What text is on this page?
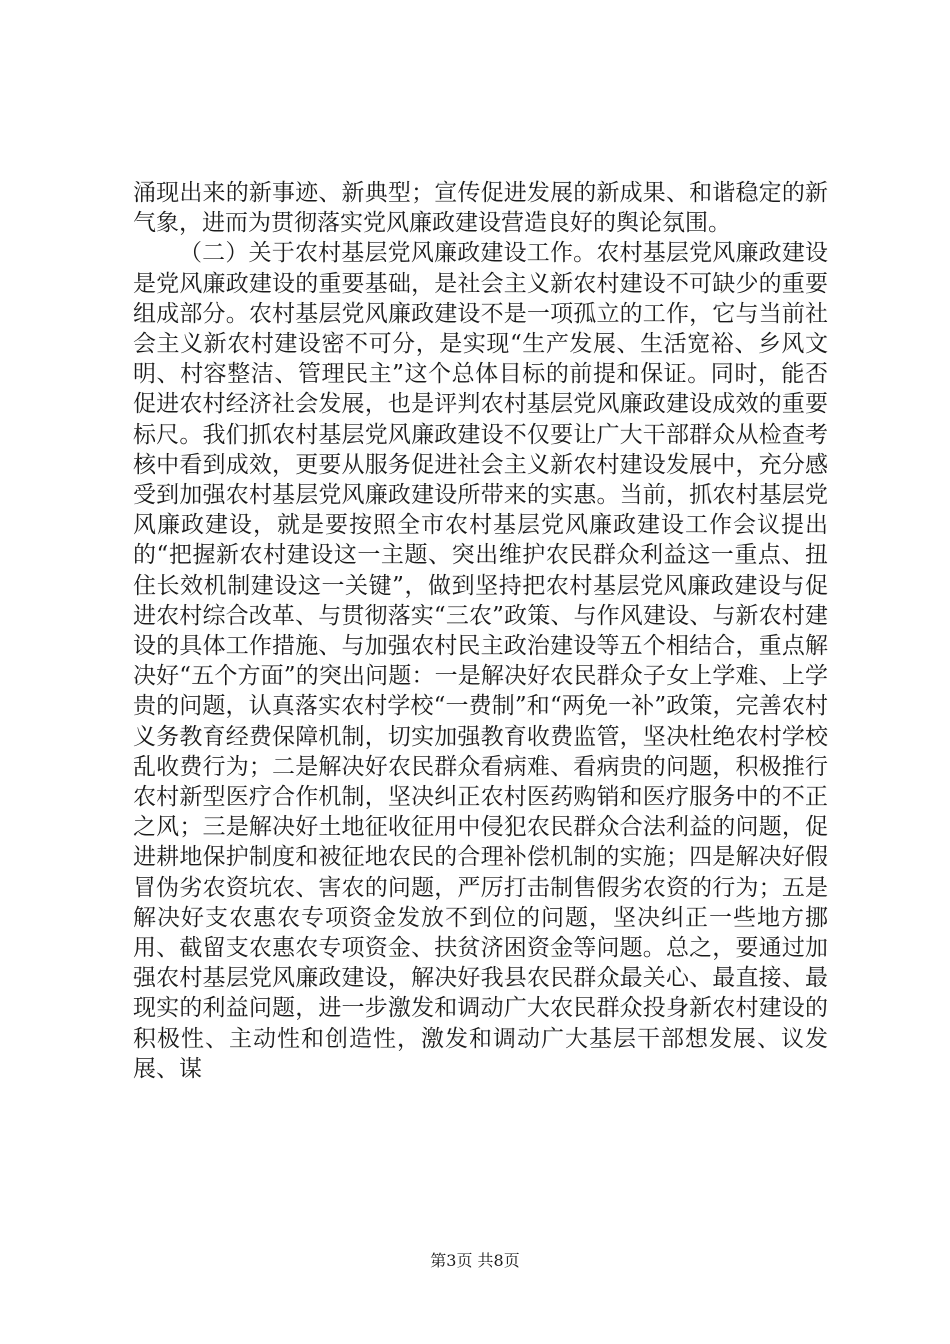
涌现出来的新事迹、新典型；宣传促进发展的新成果、和谐稳定的新气象，进而为贯彻落实党风廉政建设营造良好的舆论氛围。

（二）关于农村基层党风廉政建设工作。农村基层党风廉政建设是党风廉政建设的重要基础，是社会主义新农村建设不可缺少的重要组成部分。农村基层党风廉政建设不是一项孤立的工作，它与当前社会主义新农村建设密不可分，是实现“生产发展、生活宽裕、乡风文明、村容整洁、管理民主”这个总体目标的前提和保证。同时，能否促进农村经济社会发展，也是评判农村基层党风廉政建设成效的重要标尺。我们抓农村基层党风廉政建设不仅要让广大干部群众从检查考核中看到成效，更要从服务促进社会主义新农村建设发展中，充分感受到加强农村基层党风廉政建设所带来的实惠。当前，抓农村基层党风廉政建设，就是要按照全市农村基层党风廉政建设工作会议提出的“把握新农村建设这一主题、突出维护农民群众利益这一重点、扭住长效机制建设这一关键”，做到坚持把农村基层党风廉政建设与促进农村综合改革、与贯彻落实“三农”政策、与作风建设、与新农村建设的具体工作措施、与加强农村民主政治建设等五个相结合，重点解决好“五个方面”的突出问题：一是解决好农民群众子女上学难、上学贵的问题，认真落实农村学校“一费制”和“两免一补”政策，完善农村义务教育经费保障机制，切实加强教育收费监管，坚决杜绝农村学校乱收费行为；二是解决好农民群众看病难、看病贵的问题，积极推行农村新型医疗合作机制，坚决纠正农村医药购销和医疗服务中的不正之风；三是解决好土地征收征用中侵犯农民群众合法利益的问题，促进耕地保护制度和被征地农民的合理补偿机制的实施；四是解决好假冒伪劣农资坑农、害农的问题，严厉打击制售假劣农资的行为；五是解决好支农惠农专项资金发放不到位的问题，坚决纠正一些地方挪用、截留支农惠农专项资金、扶贫济困资金等问题。总之，要通过加强农村基层党风廉政建设，解决好我县农民群众最关心、最直接、最现实的利益问题，进一步激发和调动广大农民群众投身新农村建设的积极性、主动性和创造性，激发和调动广大基层干部想发展、议发展、谋

第3页 共8页
